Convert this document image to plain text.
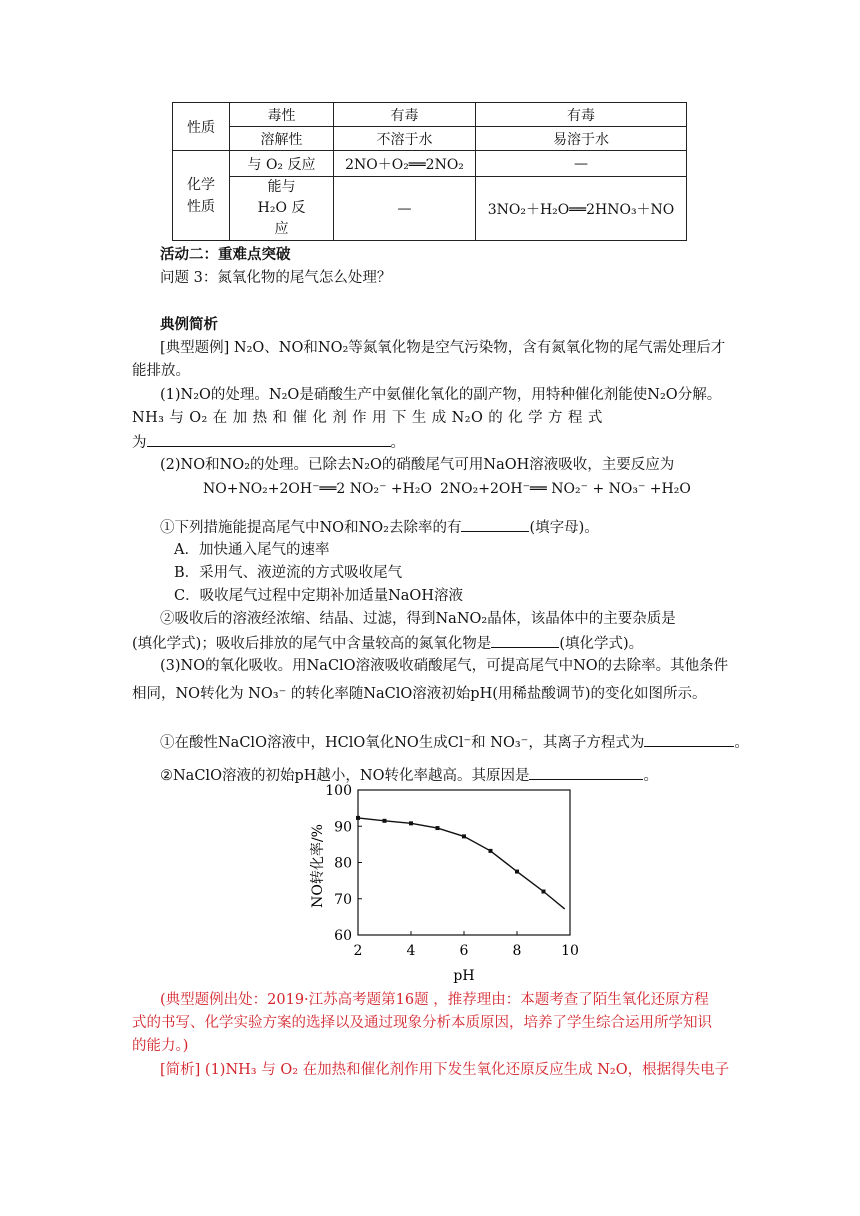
性质	毒性	有毒	有毒
	溶解性	不溶于水	易溶于水
化学性质	与 O₂ 反应	2NO＋O₂══2NO₂	—
	能与 H₂O 反应	—	3NO₂＋H₂O══2HNO₃＋NO
活动二：重难点突破
问题 3：氮氧化物的尾气怎么处理？
典例简析
[典型题例] N₂O、NO和NO₂等氮氧化物是空气污染物，含有氮氧化物的尾气需处理后才
能排放。
(1)N₂O的处理。N₂O是硝酸生产中氨催化氧化的副产物，用特种催化剂能使N₂O分解。
NH₃ 与 O₂ 在 加 热 和 催 化 剂 作 用 下 生 成 N₂O 的 化 学 方 程 式
为	。
(2)NO和NO₂的处理。已除去N₂O的硝酸尾气可用NaOH溶液吸收，主要反应为
NO+NO₂+2OH⁻══2 NO₂⁻ +H₂O 2NO₂+2OH⁻══ NO₂⁻ + NO₃⁻ +H₂O
①下列措施能提高尾气中NO和NO₂去除率的有	(填字母)。
A．加快通入尾气的速率
B．采用气、液逆流的方式吸收尾气
C．吸收尾气过程中定期补加适量NaOH溶液
②吸收后的溶液经浓缩、结晶、过滤，得到NaNO₂晶体，该晶体中的主要杂质是
(填化学式)；吸收后排放的尾气中含量较高的氮氧化物是	(填化学式)。
(3)NO的氧化吸收。用NaClO溶液吸收硝酸尾气，可提高尾气中NO的去除率。其他条件
相同，NO转化为 NO₃⁻ 的转化率随NaClO溶液初始pH(用稀盐酸调节)的变化如图所示。
①在酸性NaClO溶液中，HClO氧化NO生成Cl⁻和 NO₃⁻，其离子方程式为	。
②NaClO溶液的初始pH越小，NO转化率越高。其原因是	。
60
70
80
90
100
2	4	6	8	10
NO转化率/%
pH
(典型题例出处：2019·江苏高考题第16题 ，推荐理由：本题考查了陌生氧化还原方程
式的书写、化学实验方案的选择以及通过现象分析本质原因，培养了学生综合运用所学知识
的能力。)
[简析] (1)NH₃ 与 O₂ 在加热和催化剂作用下发生氧化还原反应生成 N₂O，根据得失电子
